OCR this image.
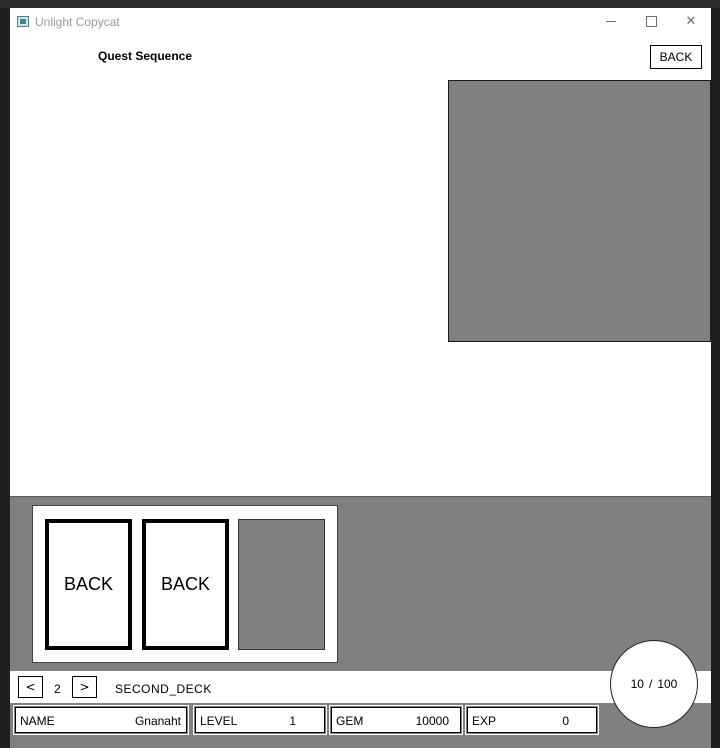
Unlight Copycat	✕
Quest Sequence	BACK
BACK	BACK
<	2	>	SECOND_DECK
NAME	Gnanaht LEVEL	1	GEM	10000 EXP	0
10 / 100
